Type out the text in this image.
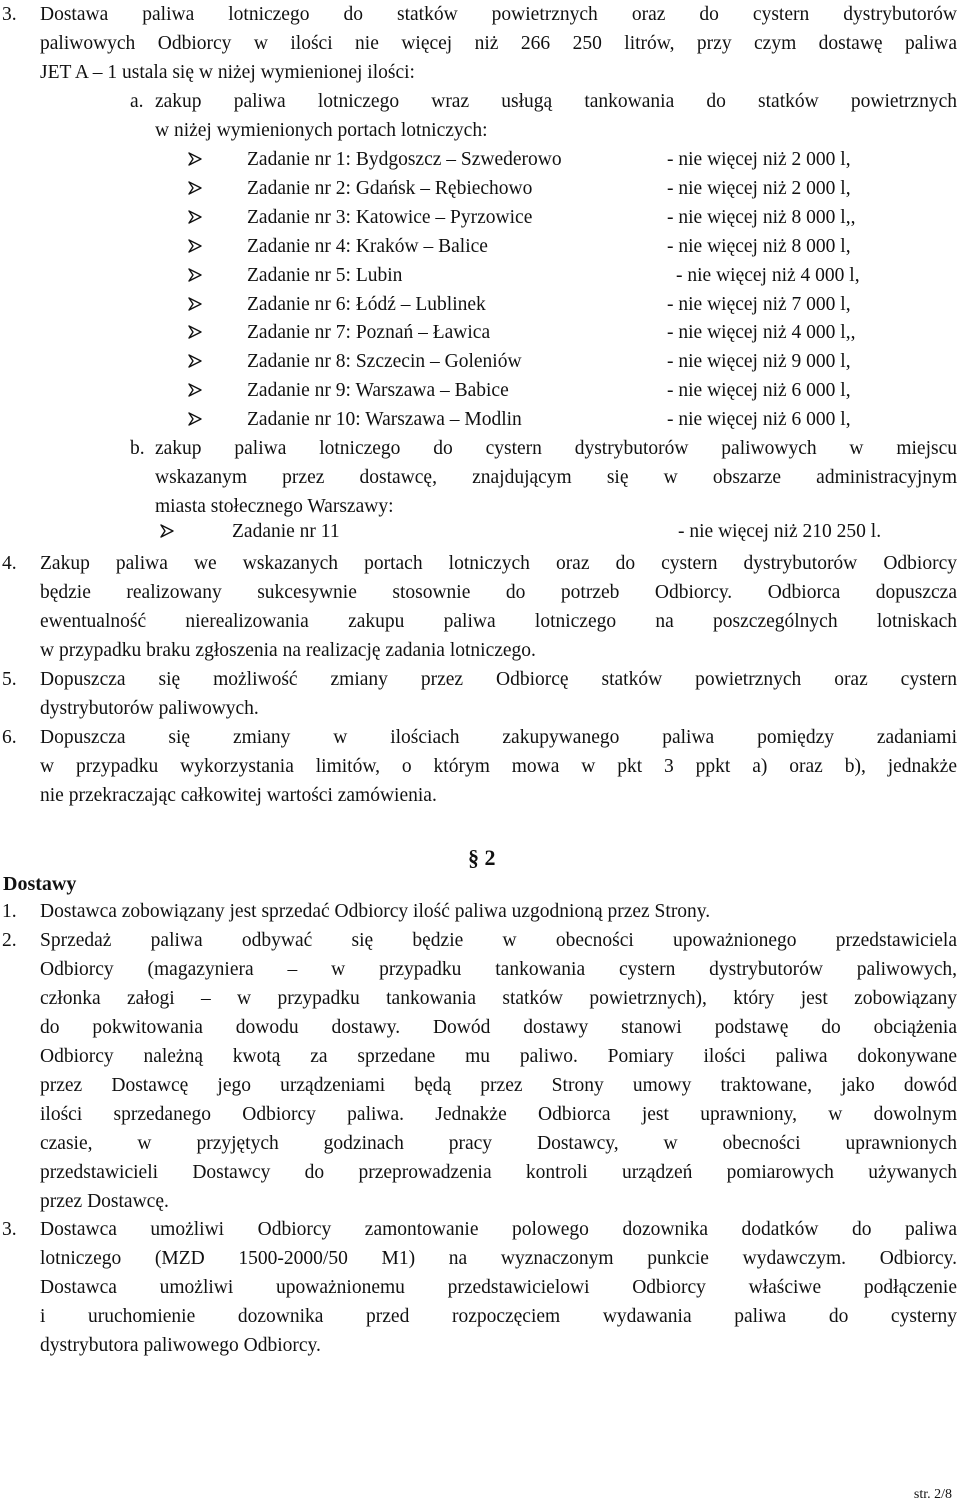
3. Dostawa paliwa lotniczego do statków powietrznych oraz do cystern dystrybutorów
paliwowych Odbiorcy w ilości nie więcej niż 266 250 litrów, przy czym dostawę paliwa
JET A – 1 ustala się w niżej wymienionej ilości:
a. zakup paliwa lotniczego wraz usługą tankowania do statków powietrznych
w niżej wymienionych portach lotniczych:
Zadanie nr 1: Bydgoszcz – Szwederowo	- nie więcej niż 2 000 l,
Zadanie nr 2: Gdańsk – Rębiechowo	- nie więcej niż 2 000 l,
Zadanie nr 3: Katowice – Pyrzowice	- nie więcej niż 8 000 l,,
Zadanie nr 4: Kraków – Balice	- nie więcej niż 8 000 l,
Zadanie nr 5: Lubin	- nie więcej niż 4 000 l,
Zadanie nr 6: Łódź – Lublinek	- nie więcej niż 7 000 l,
Zadanie nr 7: Poznań – Ławica	- nie więcej niż 4 000 l,,
Zadanie nr 8: Szczecin – Goleniów	- nie więcej niż 9 000 l,
Zadanie nr 9: Warszawa – Babice	- nie więcej niż 6 000 l,
Zadanie nr 10: Warszawa – Modlin	- nie więcej niż 6 000 l,
b. zakup paliwa lotniczego do cystern dystrybutorów paliwowych w miejscu
wskazanym przez dostawcę, znajdującym się w obszarze administracyjnym
miasta stołecznego Warszawy:
Zadanie nr 11	- nie więcej niż 210 250 l.
4. Zakup paliwa we wskazanych portach lotniczych oraz do cystern dystrybutorów Odbiorcy
będzie realizowany sukcesywnie stosownie do potrzeb Odbiorcy. Odbiorca dopuszcza
ewentualność nierealizowania zakupu paliwa lotniczego na poszczególnych lotniskach
w przypadku braku zgłoszenia na realizację zadania lotniczego.
5. Dopuszcza się możliwość zmiany przez Odbiorcę statków powietrznych oraz cystern
dystrybutorów paliwowych.
6. Dopuszcza się zmiany w ilościach zakupywanego paliwa pomiędzy zadaniami
w przypadku wykorzystania limitów, o którym mowa w pkt 3 ppkt a) oraz b), jednakże
nie przekraczając całkowitej wartości zamówienia.
§ 2
Dostawy
1. Dostawca zobowiązany jest sprzedać Odbiorcy ilość paliwa uzgodnioną przez Strony.
2. Sprzedaż paliwa odbywać się będzie w obecności upoważnionego przedstawiciela
Odbiorcy (magazyniera – w przypadku tankowania cystern dystrybutorów paliwowych,
członka załogi – w przypadku tankowania statków powietrznych), który jest zobowiązany
do pokwitowania dowodu dostawy. Dowód dostawy stanowi podstawę do obciążenia
Odbiorcy należną kwotą za sprzedane mu paliwo. Pomiary ilości paliwa dokonywane
przez Dostawcę jego urządzeniami będą przez Strony umowy traktowane, jako dowód
ilości sprzedanego Odbiorcy paliwa. Jednakże Odbiorca jest uprawniony, w dowolnym
czasie, w przyjętych godzinach pracy Dostawcy, w obecności uprawnionych
przedstawicieli Dostawcy do przeprowadzenia kontroli urządzeń pomiarowych używanych
przez Dostawcę.
3. Dostawca umożliwi Odbiorcy zamontowanie polowego dozownika dodatków do paliwa
lotniczego (MZD 1500-2000/50 M1) na wyznaczonym punkcie wydawczym. Odbiorcy.
Dostawca umożliwi upoważnionemu przedstawicielowi Odbiorcy właściwe podłączenie
i uruchomienie dozownika przed rozpoczęciem wydawania paliwa do cysterny
dystrybutora paliwowego Odbiorcy.
str. 2/8
